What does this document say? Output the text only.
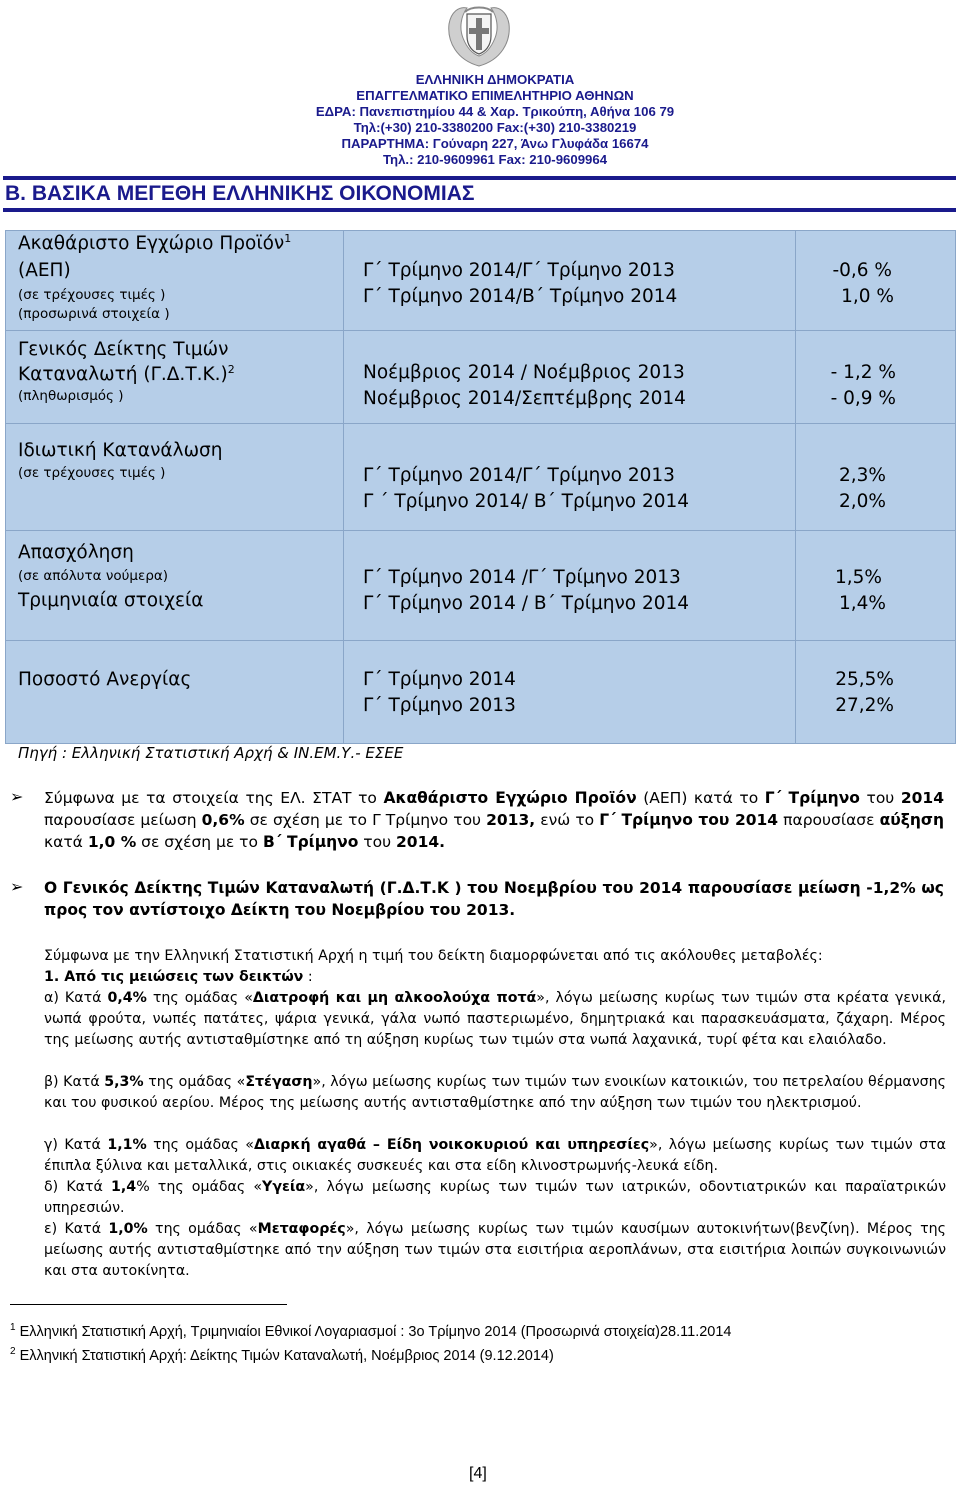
ΕΛΛΗΝΙΚΗ ΔΗΜΟΚΡΑΤΙΑ
ΕΠΑΓΓΕΛΜΑΤΙΚΟ ΕΠΙΜΕΛΗΤΗΡΙΟ ΑΘΗΝΩΝ
ΕΔΡΑ: Πανεπιστημίου 44 & Χαρ. Τρικούπη, Αθήνα 106 79
Τηλ:(+30) 210-3380200 Fax:(+30) 210-3380219
ΠΑΡΑΡΤΗΜΑ: Γούναρη 227, Άνω Γλυφάδα 16674
Τηλ.: 210-9609961 Fax: 210-9609964
Β. ΒΑΣΙΚΑ ΜΕΓΕΘΗ ΕΛΛΗΝΙΚΗΣ ΟΙΚΟΝΟΜΙΑΣ
Ακαθάριστο Εγχώριο Προϊόν$^1$
(ΑΕΠ)
(σε τρέχουσες τιμές )
(προσωρινά στοιχεία )
Γ΄ Τρίμηνο 2014/Γ΄ Τρίμηνο 2013
Γ΄ Τρίμηνο 2014/Β΄ Τρίμηνο 2014
-0,6 %
1,0 %
Γενικός Δείκτης Τιμών
Καταναλωτή $(\Gamma.\Delta.T.K.)^2$
(πληθωρισμός )
Νοέμβριος 2014 / Νοέμβριος 2013
Νοέμβριος 2014/Σεπτέμβρης 2014
- 1,2 %
- 0,9 %
Ιδιωτική Κατανάλωση
(σε τρέχουσες τιμές )	Γ΄ Τρίμηνο 2014/Γ΄ Τρίμηνο 2013
Γ ΄ Τρίμηνο 2014/ Β΄ Τρίμηνο 2014
2,3%
2,0%
Απασχόληση
(σε απόλυτα νούμερα)
Τριμηνιαία στοιχεία
Γ΄ Τρίμηνο 2014 /Γ΄ Τρίμηνο 2013
Γ΄ Τρίμηνο 2014 / Β΄ Τρίμηνο 2014
1,5%
1,4%
Ποσοστό Ανεργίας	Γ΄ Τρίμηνο 2014
Γ΄ Τρίμηνο 2013
25,5%
27,2%
Πηγή : Ελληνική Στατιστική Αρχή & ΙΝ.ΕΜ.Υ.- ΕΣΕΕ
➢ Σύμφωνα με τα στοιχεία της ΕΛ. ΣΤΑΤ το Ακαθάριστο Εγχώριο Προϊόν (ΑΕΠ) κατά το Γ΄ Τρίμηνο του 2014 παρουσίασε μείωση 0,6% σε σχέση με το Γ Τρίμηνο του 2013, ενώ το Γ΄ Τρίμηνο του 2014 παρουσίασε αύξηση κατά 1,0 % σε σχέση με το Β΄ Τρίμηνο του 2014.
➢ Ο Γενικός Δείκτης Τιμών Καταναλωτή (Γ.Δ.Τ.Κ ) του Νοεμβρίου του 2014 παρουσίασε μείωση -1,2% ως προς τον αντίστοιχο Δείκτη του Νοεμβρίου του 2013.
Σύμφωνα με την Ελληνική Στατιστική Αρχή η τιμή του δείκτη διαμορφώνεται από τις ακόλουθες μεταβολές:
1. Από τις μειώσεις των δεικτών :
α) Κατά 0,4% της ομάδας «Διατροφή και μη αλκοολούχα ποτά», λόγω μείωσης κυρίως των τιμών στα κρέατα γενικά, νωπά φρούτα, νωπές πατάτες, ψάρια γενικά, γάλα νωπό παστεριωμένο, δημητριακά και παρασκευάσματα, ζάχαρη. Μέρος της μείωσης αυτής αντισταθμίστηκε από τη αύξηση κυρίως των τιμών στα νωπά λαχανικά, τυρί φέτα και ελαιόλαδο.
β) Κατά 5,3% της ομάδας «Στέγαση», λόγω μείωσης κυρίως των τιμών των ενοικίων κατοικιών, του πετρελαίου θέρμανσης και του φυσικού αερίου. Μέρος της μείωσης αυτής αντισταθμίστηκε από την αύξηση των τιμών του ηλεκτρισμού.
γ) Κατά 1,1% της ομάδας «Διαρκή αγαθά – Είδη νοικοκυριού και υπηρεσίες», λόγω μείωσης κυρίως των τιμών στα έπιπλα ξύλινα και μεταλλικά, στις οικιακές συσκευές και στα είδη κλινοστρωμνής-λευκά είδη.
δ) Κατά 1,4% της ομάδας «Υγεία», λόγω μείωσης κυρίως των τιμών των ιατρικών, οδοντιατρικών και παραϊατρικών υπηρεσιών.
ε) Κατά 1,0% της ομάδας «Μεταφορές», λόγω μείωσης κυρίως των τιμών καυσίμων αυτοκινήτων(βενζίνη). Μέρος της μείωσης αυτής αντισταθμίστηκε από την αύξηση των τιμών στα εισιτήρια αεροπλάνων, στα εισιτήρια λοιπών συγκοινωνιών και στα αυτοκίνητα.
$^1$ Ελληνική Στατιστική Αρχή, Τριμηνιαίοι Εθνικοί Λογαριασμοί : 3ο Τρίμηνο 2014 (Προσωρινά στοιχεία)28.11.2014
$^2$ Ελληνική Στατιστική Αρχή: Δείκτης Τιμών Καταναλωτή, Νοέμβριος 2014 (9.12.2014)
[4]
